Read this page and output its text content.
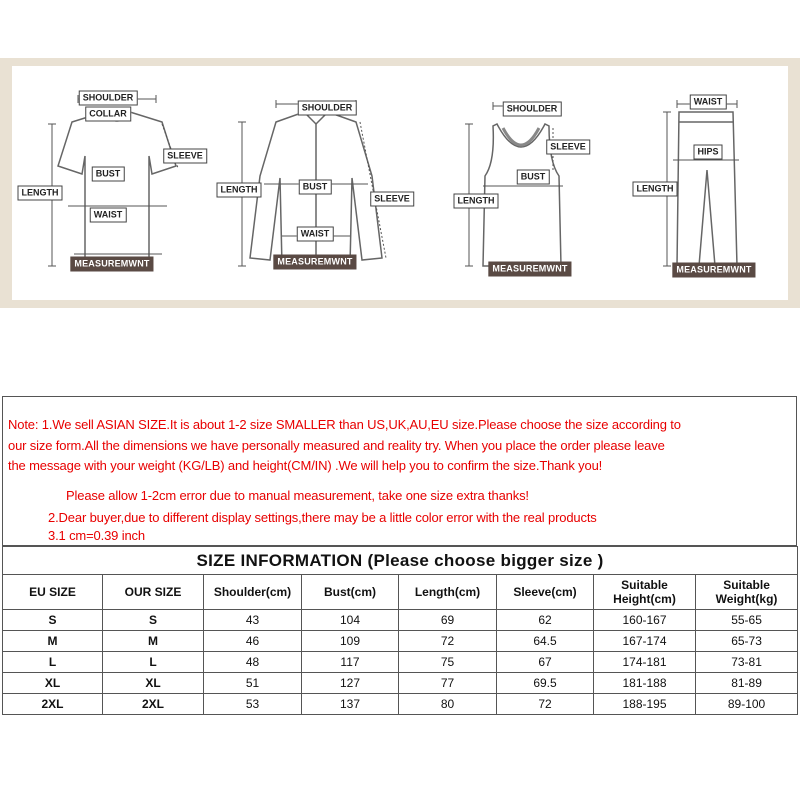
SHOULDER
COLLAR
SLEEVE
BUST
LENGTH
WAIST
MEASUREMWNT
SHOULDER
LENGTH	BUST
SLEEVE
WAIST
MEASUREMWNT
SHOULDER
SLEEVE
BUST
LENGTH
MEASUREMWNT
WAIST
HIPS
LENGTH
MEASUREMWNT
Note: 1.We sell ASIAN SIZE.It is about 1-2 size SMALLER than US,UK,AU,EU size.Please choose the size according to
our size form.All the dimensions we have personally measured and reality try. When you place the order please leave
the message with your weight (KG/LB) and height(CM/IN) .We will help you to confirm the size.Thank you!
Please allow 1-2cm error due to manual measurement, take one size extra thanks!
2.Dear buyer,due to different display settings,there may be a little color error with the real products
3.1 cm=0.39 inch
SIZE INFORMATION (Please choose bigger size )							
EU SIZE	OUR SIZE	Shoulder(cm)	Bust(cm)	Length(cm)	Sleeve(cm)	Suitable Height(cm)	Suitable Weight(kg)
S	S	43	104	69	62	160-167	55-65
M	M	46	109	72	64.5	167-174	65-73
L	L	48	117	75	67	174-181	73-81
XL	XL	51	127	77	69.5	181-188	81-89
2XL	2XL	53	137	80	72	188-195	89-100
